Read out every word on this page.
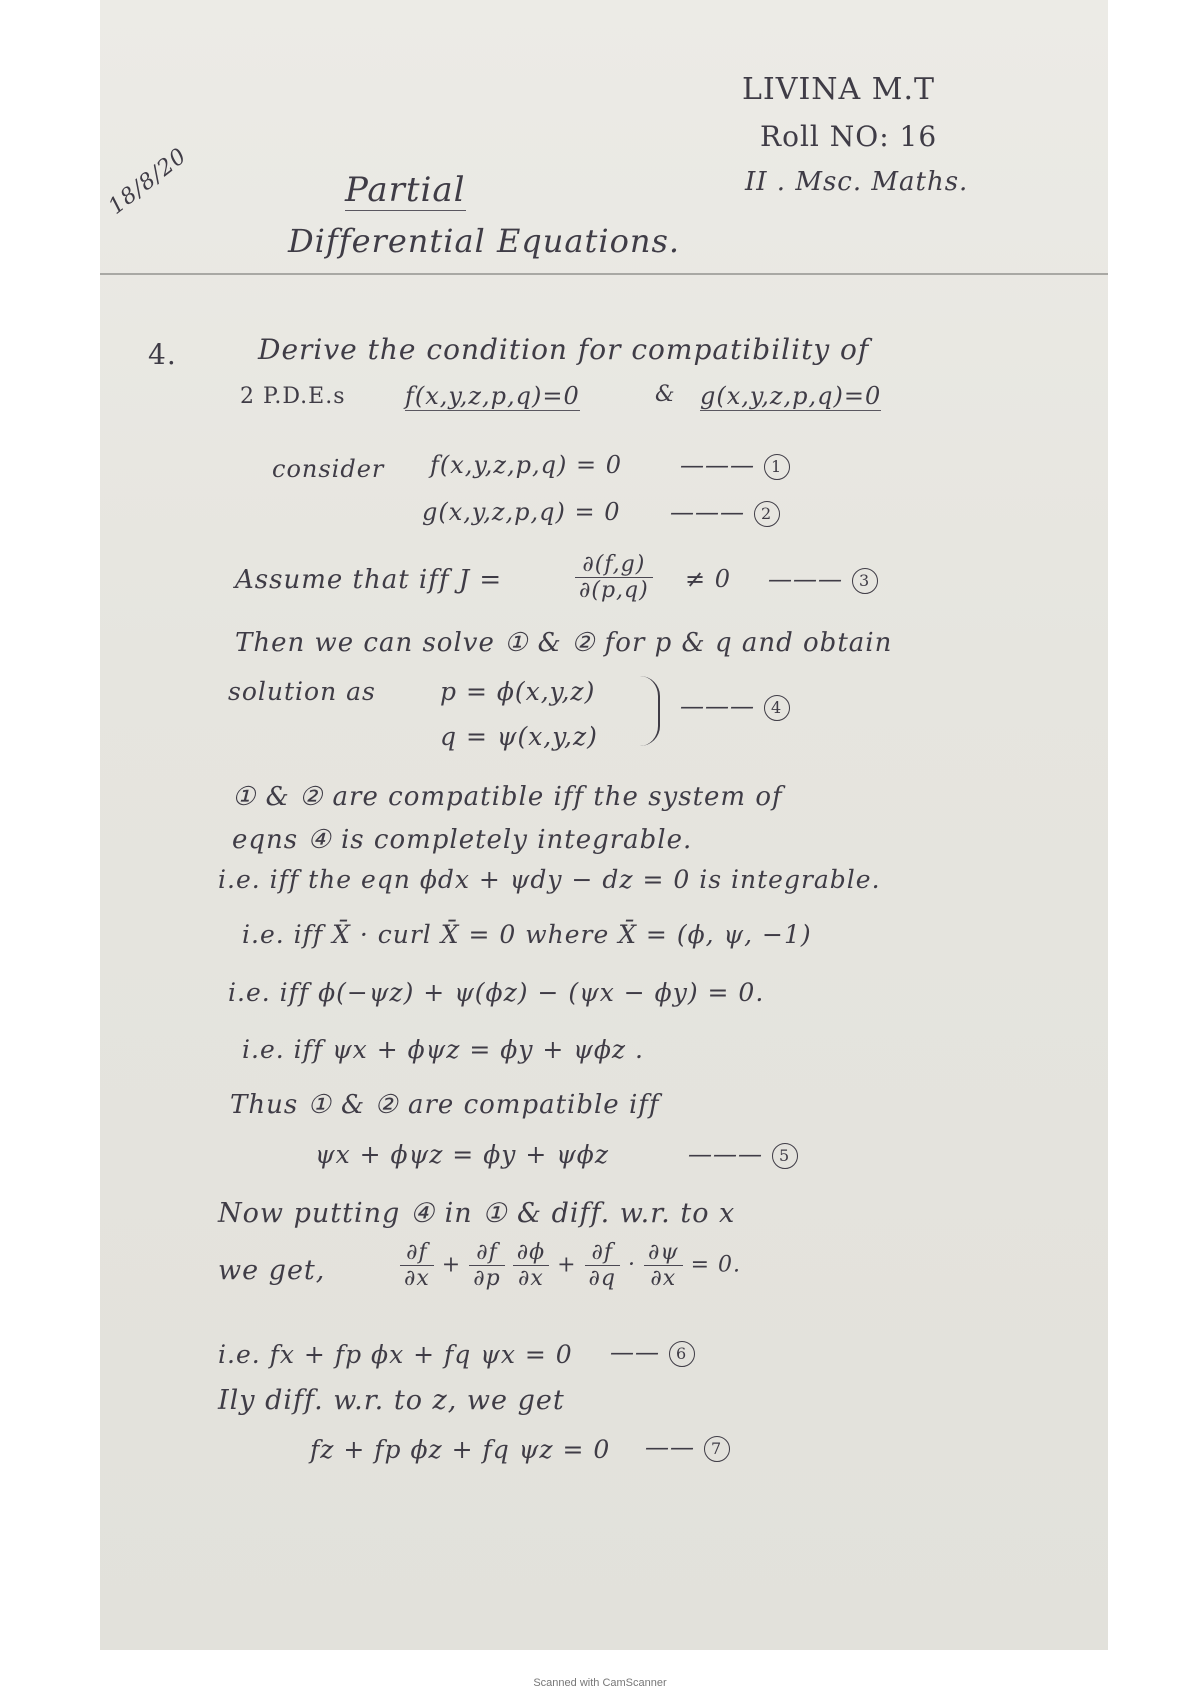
LIVINA M.T
Roll NO: 16
II . Msc. Maths.
18/8/20	Partial
Differential Equations.
4.	Derive the condition for compatibility of
2 P.D.E.s f(x,y,z,p,q)=0	& g(x,y,z,p,q)=0
consider f(x,y,z,p,q) = 0 ——— 1
g(x,y,z,p,q) = 0 ——— 2
Assume that iff J =	$\frac{\partial(f,g)}{\partial(p,q)} \ne 0$ ——— 3
Then we can solve ① & ② for p & q and obtain
solution as	p = ϕ(x,y,z)
q = ψ(x,y,z)
——— 4
① & ② are compatible iff the system of
eqns ④ is completely integrable.
i.e. iff the eqn ϕdx + ψdy − dz = 0 is integrable.
i.e. iff X̄ · curl X̄ = 0 where X̄ = (ϕ, ψ, −1)
i.e. iff ϕ(−ψz) + ψ(ϕz) − (ψx − ϕy) = 0.
i.e. iff ψx + ϕψz = ϕy + ψϕz .
Thus ① & ② are compatible iff
ψx + ϕψz = ϕy + ψϕz	——— 5
Now putting ④ in ① & diff. w.r. to x
we get,	$\frac{\partial f}{\partial x} + \frac{\partial f}{\partial p}$
$\frac{\partial\phi}{\partial x} + \frac{\partial f}{\partial q} \cdot \frac{\partial\psi}{\partial x} = 0$.
i.e. fx + fp ϕx + fq ψx = 0 —— 6
Ily diff. w.r. to z, we get
fz + fp ϕz + fq ψz = 0 —— 7
Scanned with CamScanner
